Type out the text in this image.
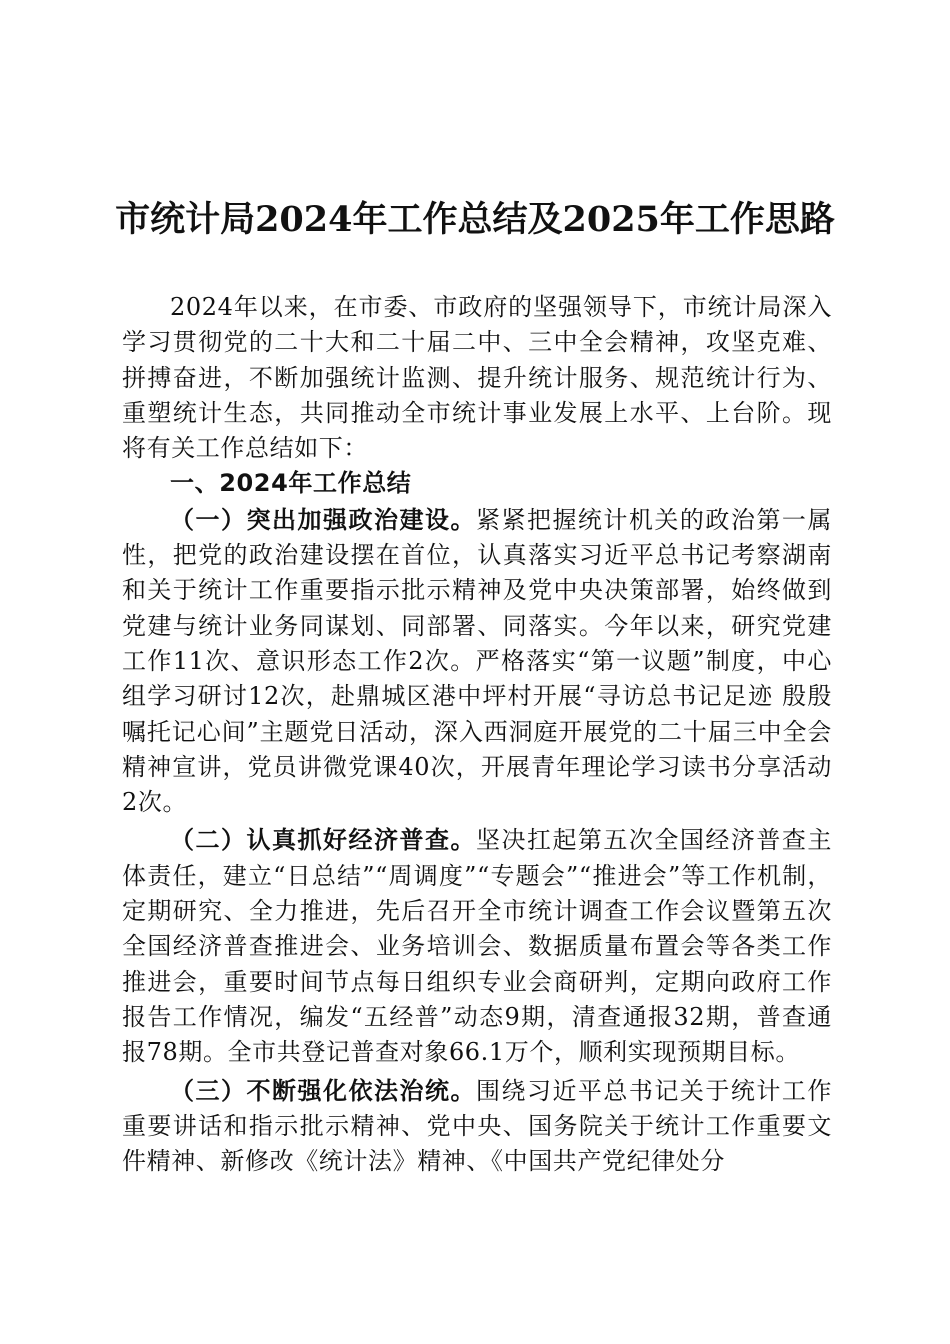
市统计局2024年工作总结及2025年工作思路

2024年以来，在市委、市政府的坚强领导下，市统计局深入学习贯彻党的二十大和二十届二中、三中全会精神，攻坚克难、拼搏奋进，不断加强统计监测、提升统计服务、规范统计行为、重塑统计生态，共同推动全市统计事业发展上水平、上台阶。现将有关工作总结如下：

一、2024年工作总结

（一）突出加强政治建设。紧紧把握统计机关的政治第一属性，把党的政治建设摆在首位，认真落实习近平总书记考察湖南和关于统计工作重要指示批示精神及党中央决策部署，始终做到党建与统计业务同谋划、同部署、同落实。今年以来，研究党建工作11次、意识形态工作2次。严格落实“第一议题”制度，中心组学习研讨12次，赴鼎城区港中坪村开展“寻访总书记足迹 殷殷嘱托记心间”主题党日活动，深入西洞庭开展党的二十届三中全会精神宣讲，党员讲微党课40次，开展青年理论学习读书分享活动2次。

（二）认真抓好经济普查。坚决扛起第五次全国经济普查主体责任，建立“日总结”“周调度”“专题会”“推进会”等工作机制，定期研究、全力推进，先后召开全市统计调查工作会议暨第五次全国经济普查推进会、业务培训会、数据质量布置会等各类工作推进会，重要时间节点每日组织专业会商研判，定期向政府工作报告工作情况，编发“五经普”动态9期，清查通报32期，普查通报78期。全市共登记普查对象66.1万个，顺利实现预期目标。

（三）不断强化依法治统。围绕习近平总书记关于统计工作重要讲话和指示批示精神、党中央、国务院关于统计工作重要文件精神、新修改《统计法》精神、《中国共产党纪律处分
